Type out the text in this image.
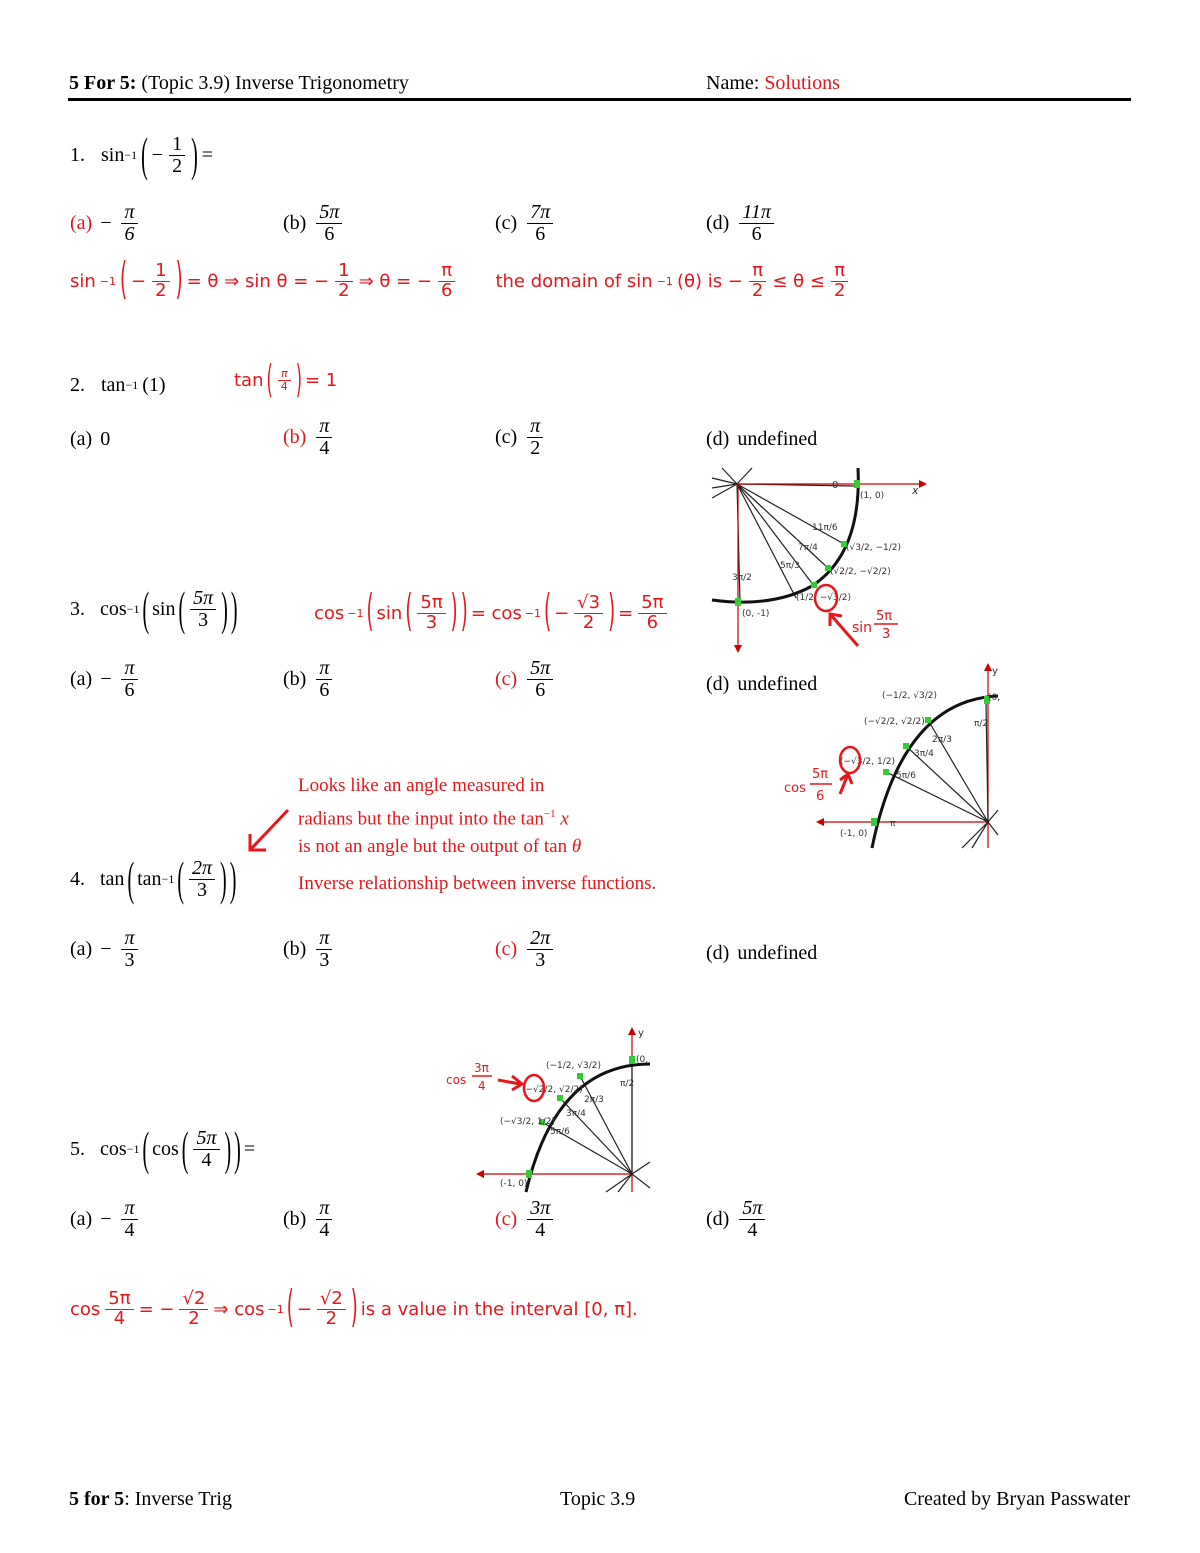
5 For 5: (Topic 3.9) Inverse Trigonometry	Name: Solutions
1. sin −1 ( − $\frac{1}{2}$ ) =
$(a) - \frac{\pi}{6}$	$(b) \frac{5\pi}{6}$	$(c) \frac{7\pi}{6}$	$(d) \frac{11\pi}{6}$
sin −1 ( − $\frac{1}{2}$ ) = θ ⇒ sin θ = − $\frac{1}{2}$ ⇒ θ = − $\frac{\pi}{6}$ the domain of sin −1 (θ) is − $\frac{\pi}{2} \le \theta \le \frac{\pi}{2}$
2. tan −1 (1)	tan ( $\frac{\pi}{4}$ ) = 1
(a) 0	$(b) \frac{\pi}{4}$	$(c) \frac{\pi}{2}$	(d) undefined
0	x
(1, 0)
(0, -1)
11π/6
7π/4
5π/3
3π/2
(√3/2, −1/2)
(√2/2, −√2/2)
(1/2, −√3/2)
sin
5π
3
3. cos −1 ( sin ( $\frac{5\pi}{3}$ ) )	cos −1 ( sin ( $\frac{5\pi}{3}$ ) ) = cos −1 ( − $\frac{√3}{2}$ ) = $\frac{5\pi}{6}$
$(a) - \frac{\pi}{6}$	$(b) \frac{\pi}{6}$	$(c) \frac{5\pi}{6}$	(d) undefined
y
π
(-1, 0)
(0,
π/2
2π/3
3π/4
5π/6
(−1/2, √3/2)
(−√2/2, √2/2)
(−√3/2, 1/2)
cos
5π
6
Looks like an angle measured in
radians but the input into the $\tan^{-1} x$
is not an angle but the output of tan θ
4. tan ( tan −1 ( $\frac{2\pi}{3}$ ) )	Inverse relationship between inverse functions.
$(a) - \frac{\pi}{3}$	$(b) \frac{\pi}{3}$	$(c) \frac{2\pi}{3}$	(d) undefined
y
(-1, 0)
(0,
π/2
2π/3
3π/4
5π/6
(−1/2, √3/2)
(−√2/2, √2/2)
(−√3/2, 1/2)
cos
3π
4
5. cos −1 ( cos ( $\frac{5\pi}{4}$ ) ) =
$(a) - \frac{\pi}{4}$	$(b) \frac{\pi}{4}$	$(c) \frac{3\pi}{4}$	$(d) \frac{5\pi}{4}$
$\cos \frac{5\pi}{4}$ = − $\frac{√2}{2}$ ⇒ cos −1 ( − $\frac{√2}{2}$ ) is a value in the interval [0, π].
5 for 5: Inverse Trig	Topic 3.9	Created by Bryan Passwater
